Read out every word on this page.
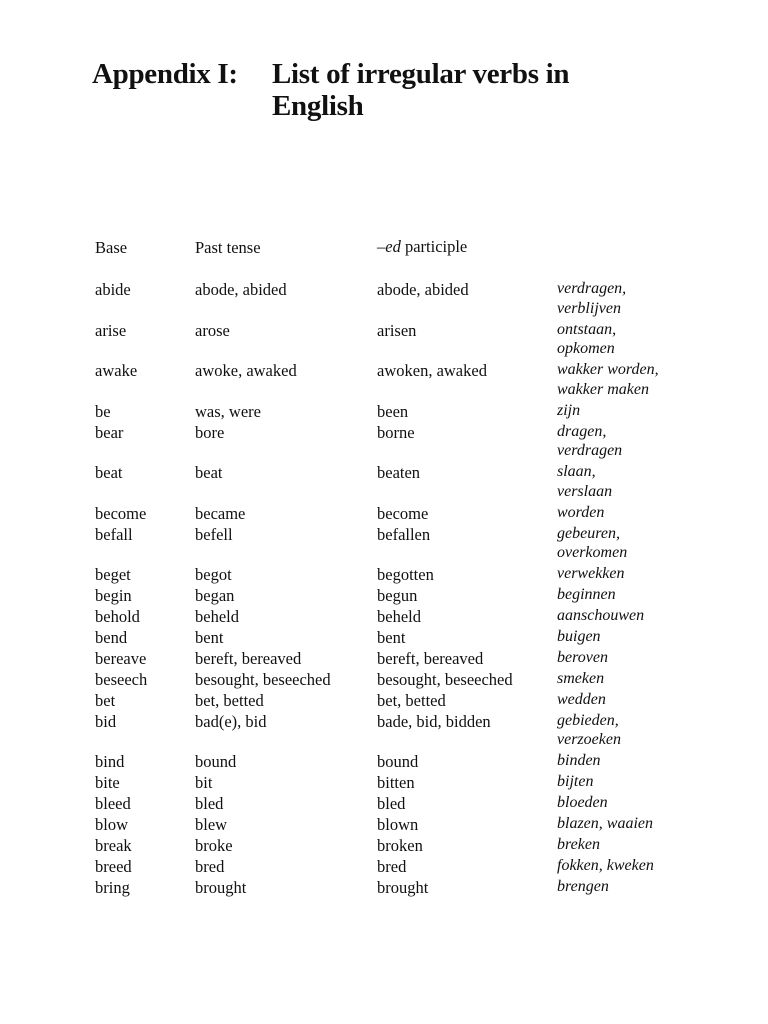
Appendix I: List of irregular verbs in
English
Base	Past tense	–ed participle
abide	abode, abided	abode, abided	verdragen,
verblijven
arise	arose	arisen	ontstaan,
opkomen
awake	awoke, awaked	awoken, awaked	wakker worden,
wakker maken
be	was, were	been	zijn
bear	bore	borne	dragen,
verdragen
beat	beat	beaten	slaan,
verslaan
become	became	become	worden
befall	befell	befallen	gebeuren,
overkomen
beget	begot	begotten	verwekken
begin	began	begun	beginnen
behold	beheld	beheld	aanschouwen
bend	bent	bent	buigen
bereave	bereft, bereaved	bereft, bereaved	beroven
beseech	besought, beseeched	besought, beseeched	smeken
bet	bet, betted	bet, betted	wedden
bid	bad(e), bid	bade, bid, bidden	gebieden,
verzoeken
bind	bound	bound	binden
bite	bit	bitten	bijten
bleed	bled	bled	bloeden
blow	blew	blown	blazen, waaien
break	broke	broken	breken
breed	bred	bred	fokken, kweken
bring	brought	brought	brengen
